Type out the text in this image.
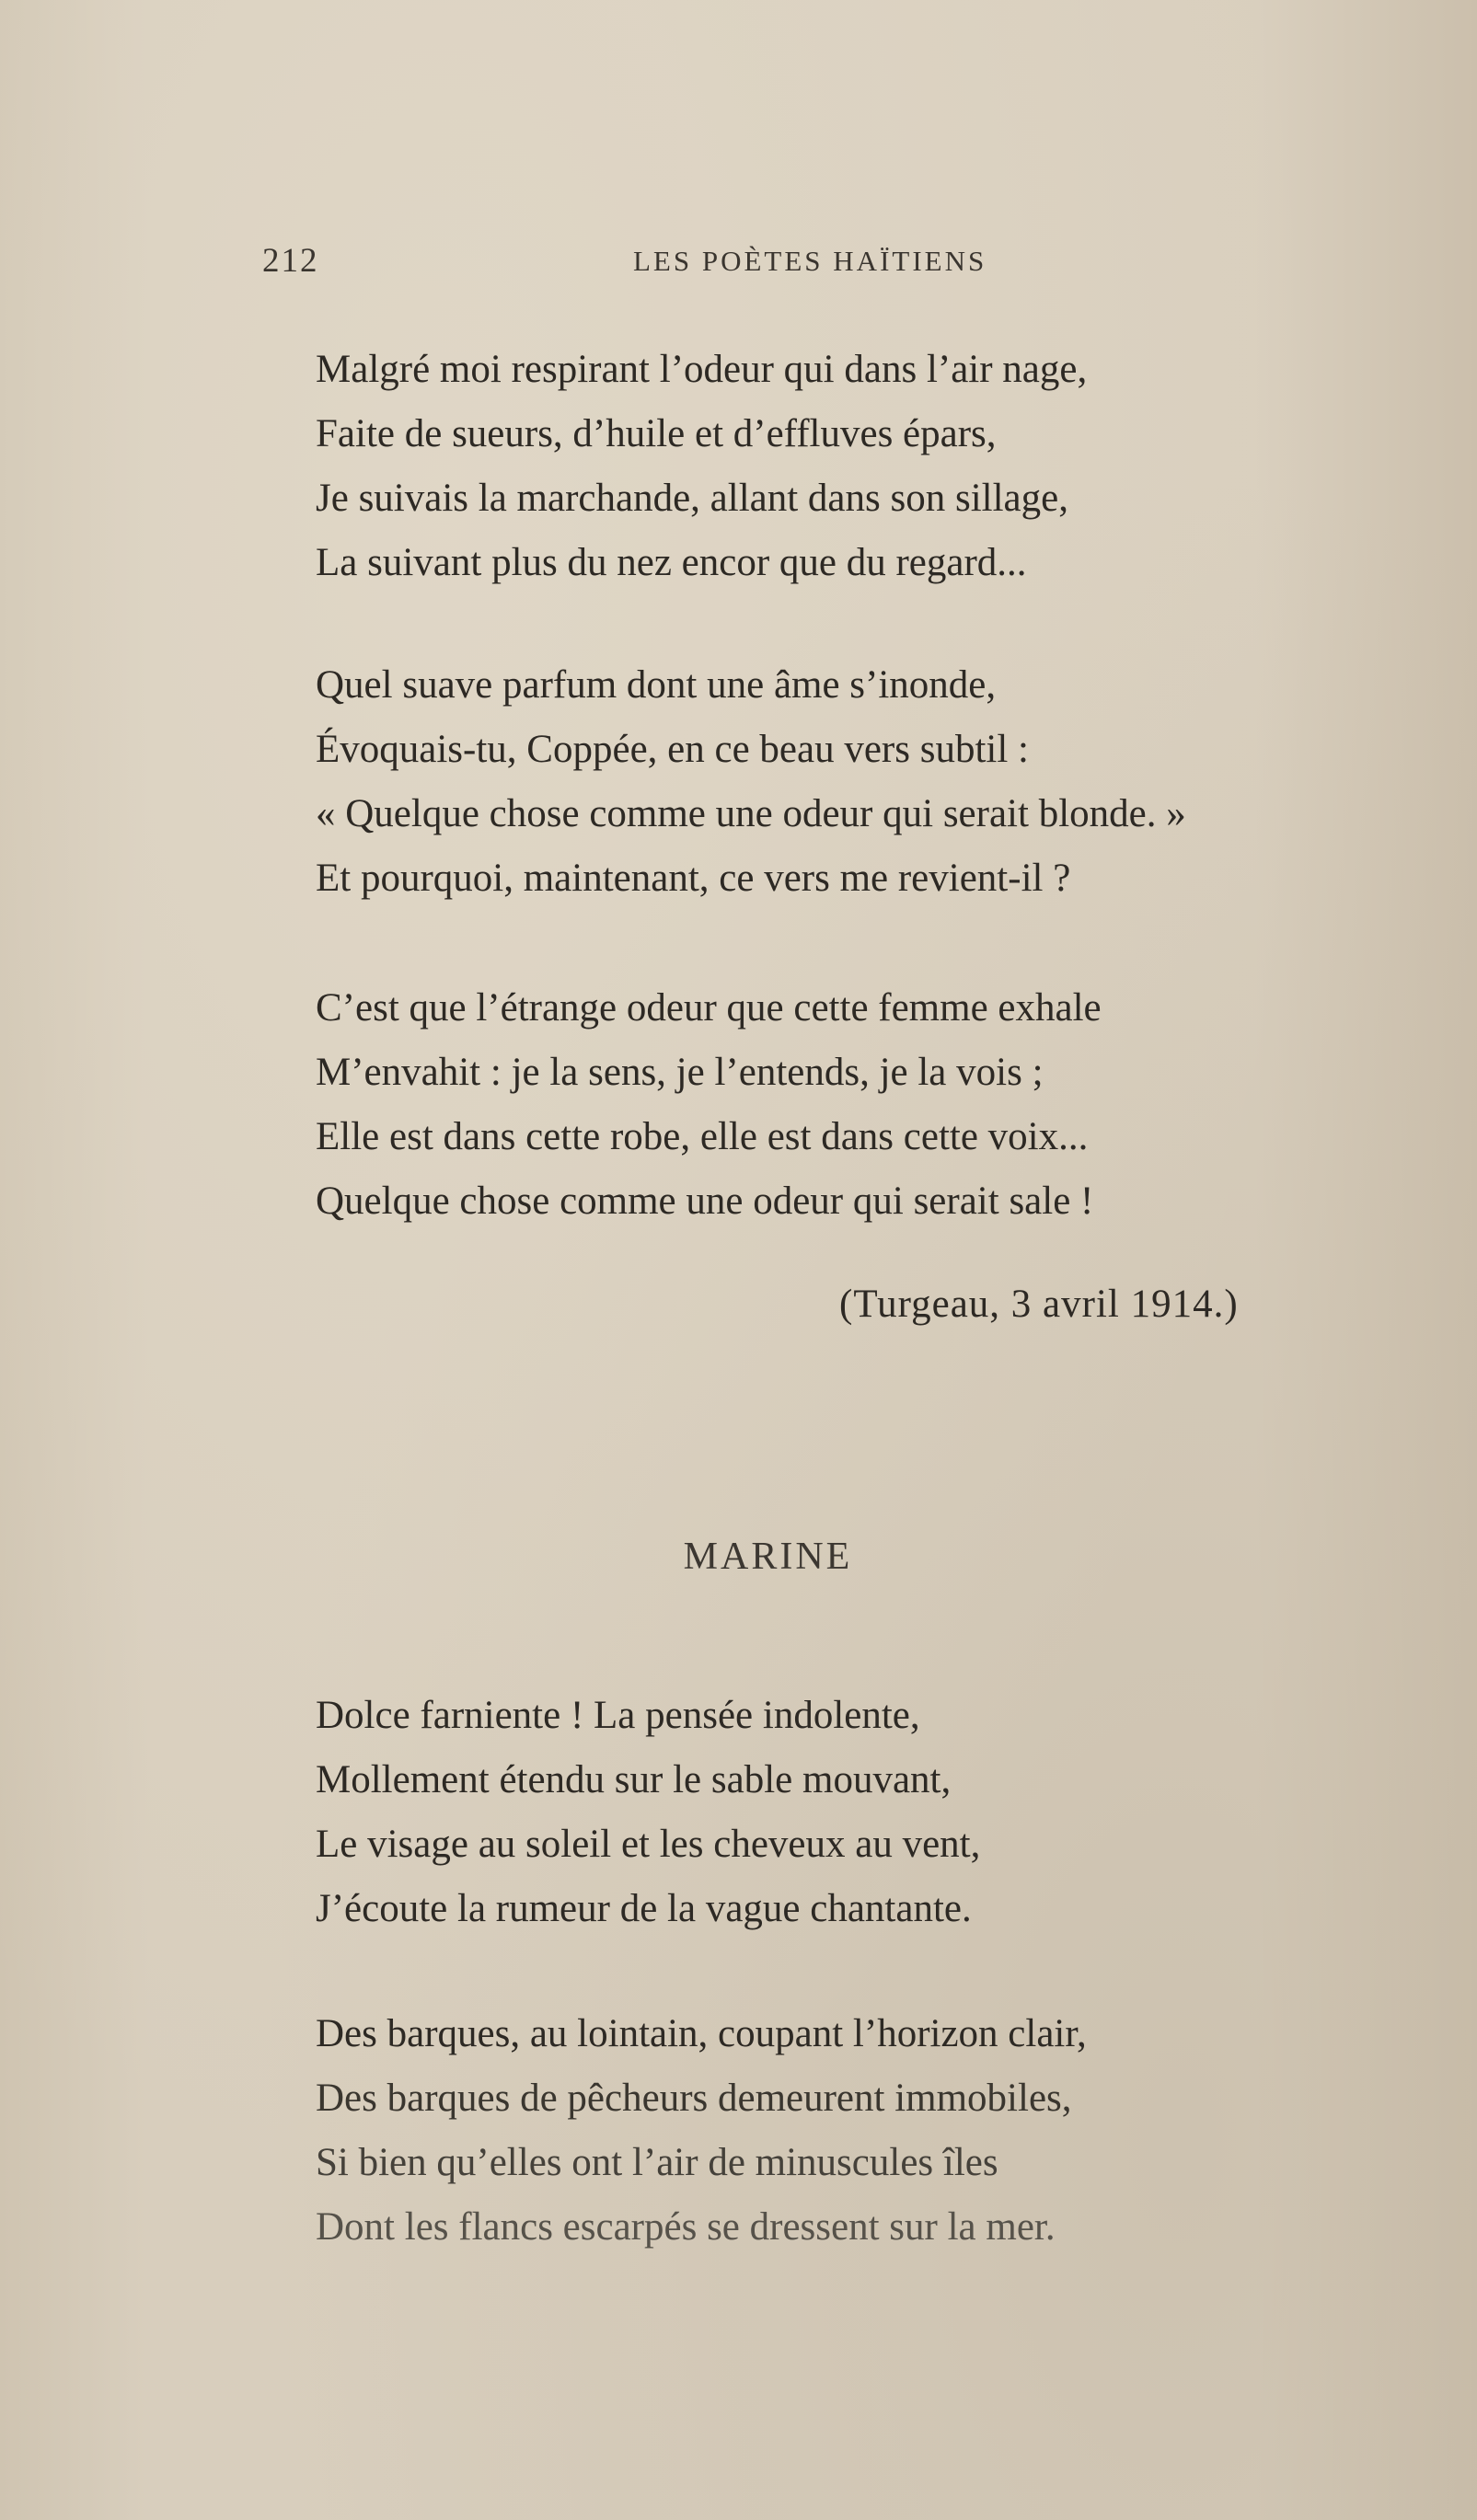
212	LES POÈTES HAÏTIENS
Malgré moi respirant l’odeur qui dans l’air nage,
Faite de sueurs, d’huile et d’effluves épars,
Je suivais la marchande, allant dans son sillage,
La suivant plus du nez encor que du regard...
Quel suave parfum dont une âme s’inonde,
Évoquais-tu, Coppée, en ce beau vers subtil :
« Quelque chose comme une odeur qui serait blonde. »
Et pourquoi, maintenant, ce vers me revient-il ?
C’est que l’étrange odeur que cette femme exhale
M’envahit : je la sens, je l’entends, je la vois ;
Elle est dans cette robe, elle est dans cette voix...
Quelque chose comme une odeur qui serait sale !
(Turgeau, 3 avril 1914.)
MARINE
Dolce farniente ! La pensée indolente,
Mollement étendu sur le sable mouvant,
Le visage au soleil et les cheveux au vent,
J’écoute la rumeur de la vague chantante.
Des barques, au lointain, coupant l’horizon clair,
Des barques de pêcheurs demeurent immobiles,
Si bien qu’elles ont l’air de minuscules îles
Dont les flancs escarpés se dressent sur la mer.
